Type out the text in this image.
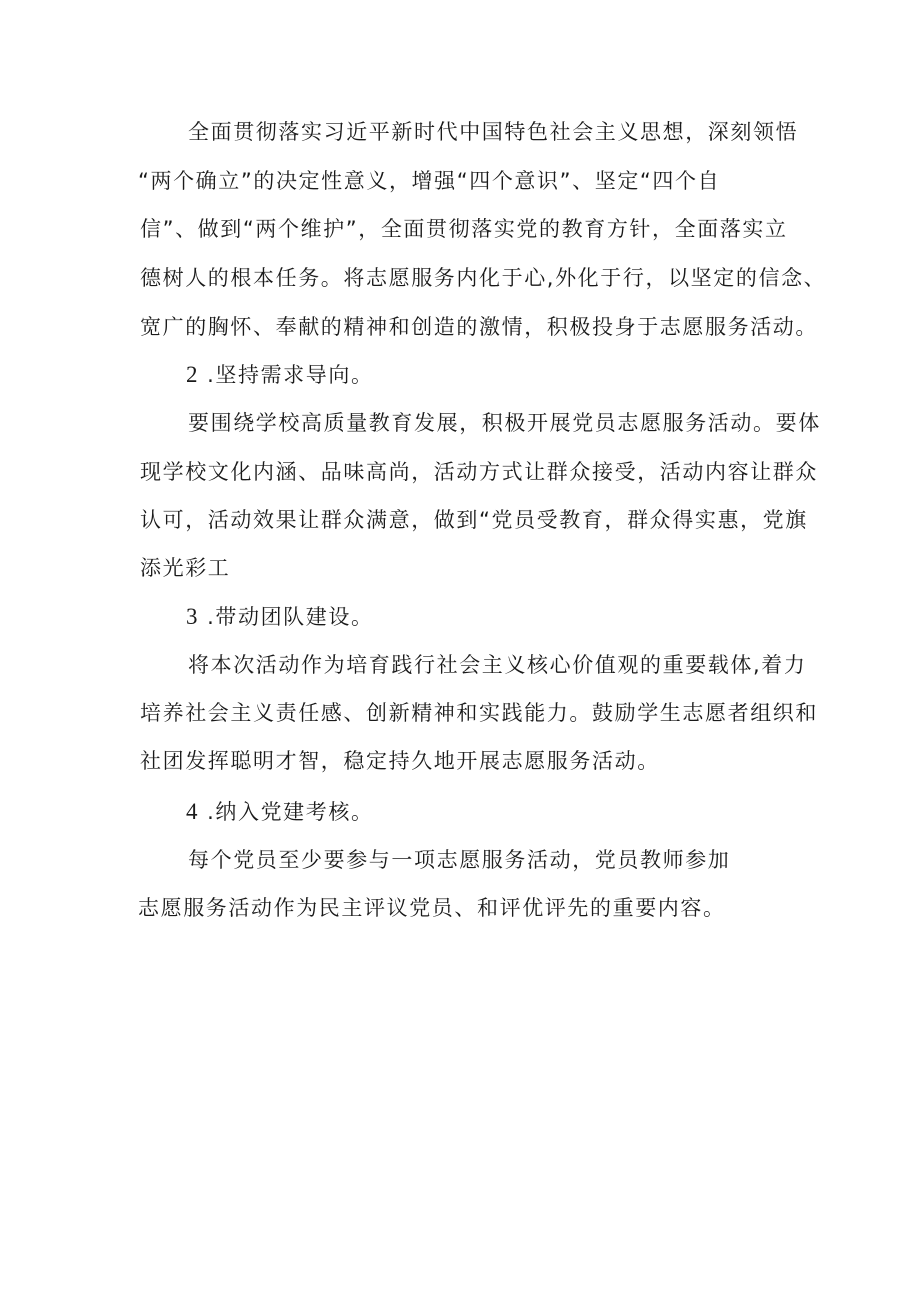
全面贯彻落实习近平新时代中国特色社会主义思想，深刻领悟
“两个确立”的决定性意义，增强“四个意识”、坚定“四个自
信”、做到“两个维护”，全面贯彻落实党的教育方针，全面落实立
德树人的根本任务。将志愿服务内化于心,外化于行，以坚定的信念、
宽广的胸怀、奉献的精神和创造的激情，积极投身于志愿服务活动。
2 .坚持需求导向。
要围绕学校高质量教育发展，积极开展党员志愿服务活动。要体
现学校文化内涵、品味高尚，活动方式让群众接受，活动内容让群众
认可，活动效果让群众满意，做到“党员受教育，群众得实惠，党旗
添光彩工
3 .带动团队建设。
将本次活动作为培育践行社会主义核心价值观的重要载体,着力
培养社会主义责任感、创新精神和实践能力。鼓励学生志愿者组织和
社团发挥聪明才智，稳定持久地开展志愿服务活动。
4 .纳入党建考核。
每个党员至少要参与一项志愿服务活动，党员教师参加
志愿服务活动作为民主评议党员、和评优评先的重要内容。
